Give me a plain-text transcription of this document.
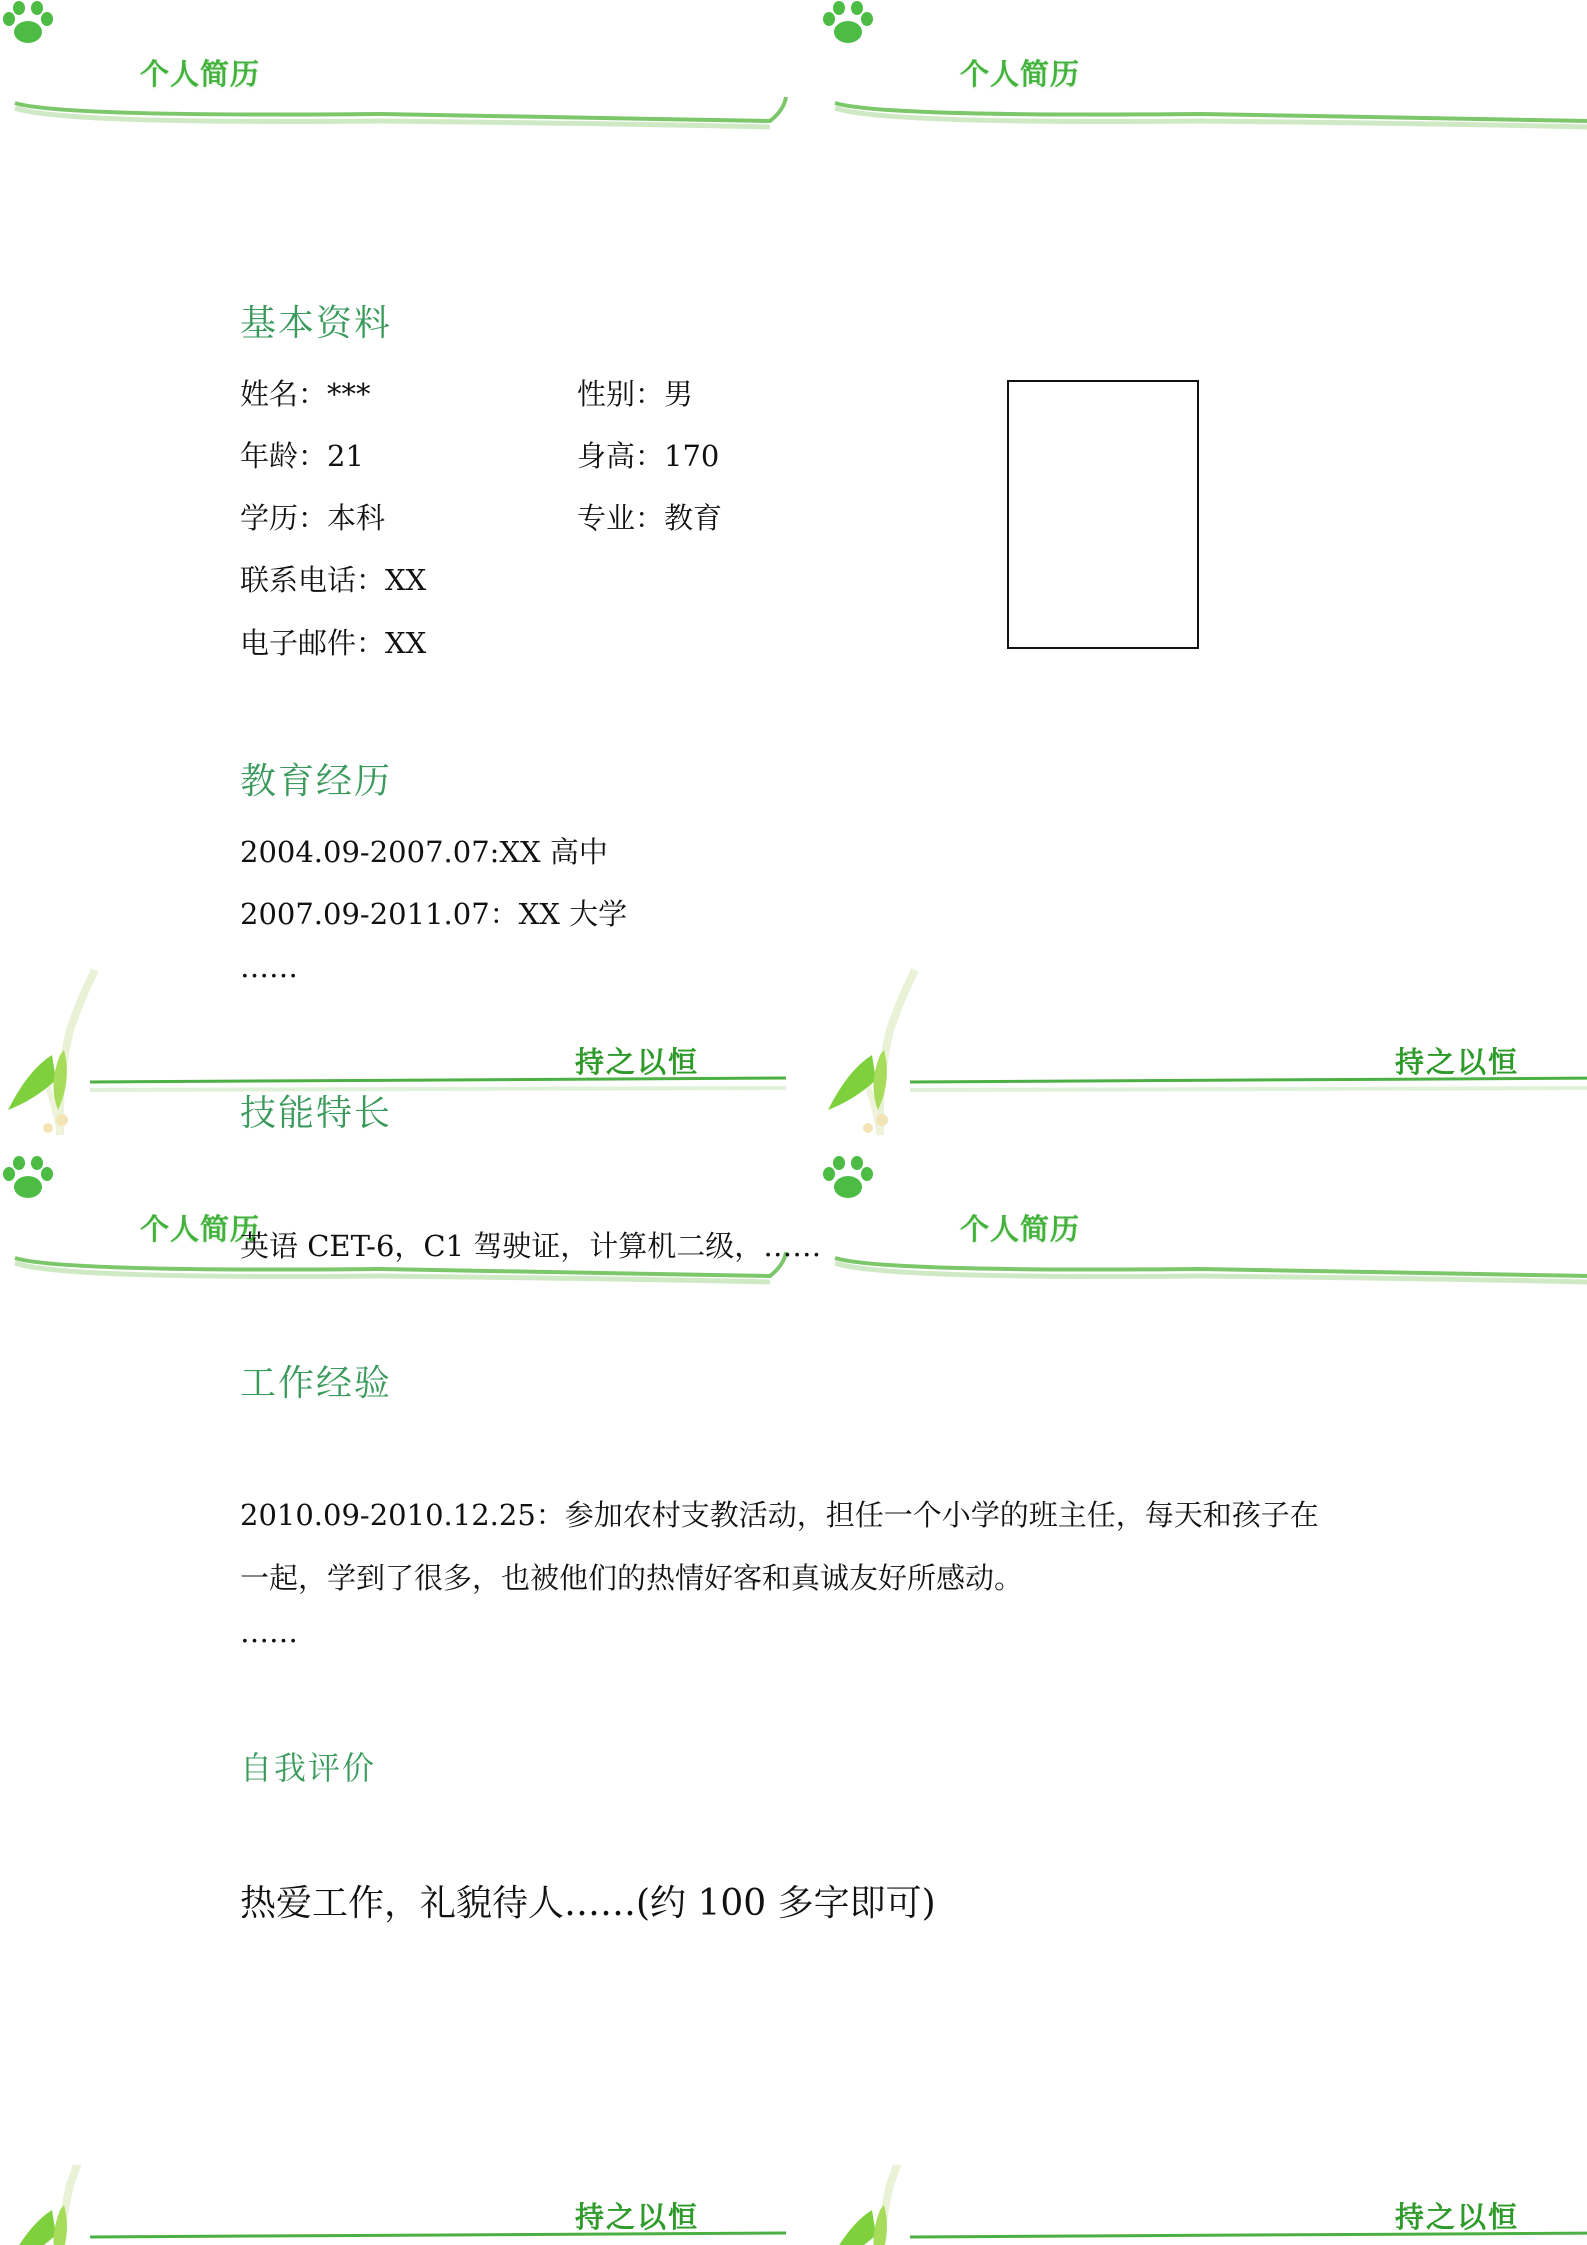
个人简历	个人简历
个人简历	个人简历
持之以恒	持之以恒
持之以恒	持之以恒
基本资料
姓名：***	性别：男
年龄：21	身高：170
学历：本科	专业：教育
联系电话：XX
电子邮件：XX
教育经历
2004.09-2007.07:XX 高中
2007.09-2011.07：XX 大学
……
技能特长
英语 CET-6，C1 驾驶证，计算机二级，……
工作经验
2010.09-2010.12.25：参加农村支教活动，担任一个小学的班主任，每天和孩子在
一起，学到了很多，也被他们的热情好客和真诚友好所感动。
……
自我评价
热爱工作，礼貌待人……(约 100 多字即可)
